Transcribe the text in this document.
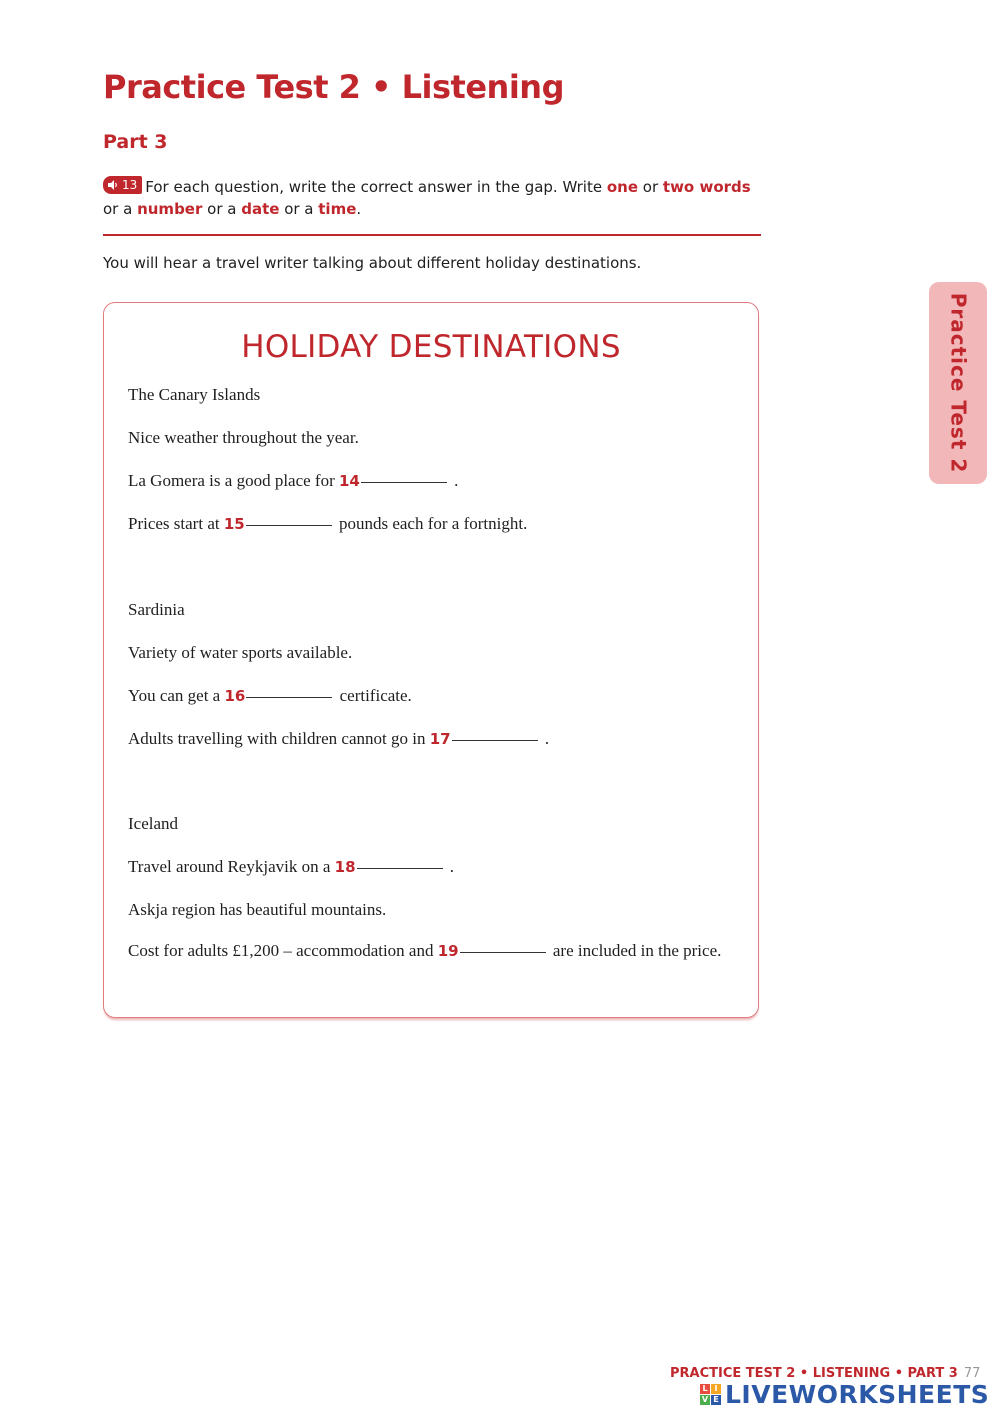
Practice Test 2 • Listening
Part 3
13 For each question, write the correct answer in the gap. Write one or two words
or a number or a date or a time.
You will hear a travel writer talking about different holiday destinations.
HOLIDAY DESTINATIONS
The Canary Islands
Nice weather throughout the year.
La Gomera is a good place for 14	.
Prices start at 15	pounds each for a fortnight.
Sardinia
Variety of water sports available.
You can get a 16	certificate.
Adults travelling with children cannot go in 17	.
Iceland
Travel around Reykjavik on a 18	.
Askja region has beautiful mountains.
Cost for adults £1,200 – accommodation and 19	are included in the price.
Practice Test 2
PRACTICE TEST 2 • LISTENING • PART 3 77
L I
V E LIVEWORKSHEETS
